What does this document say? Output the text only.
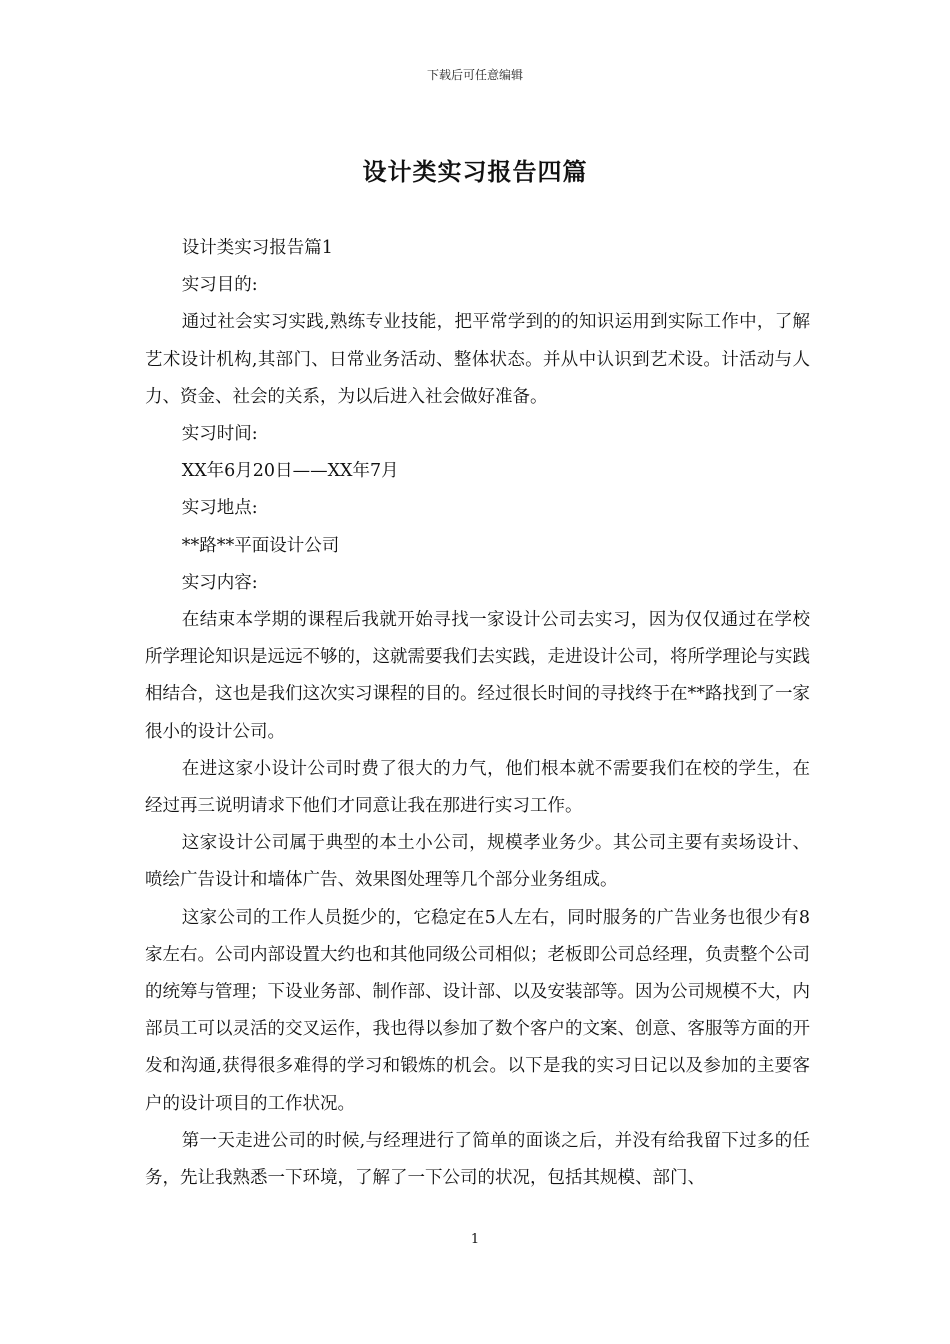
下载后可任意编辑
设计类实习报告四篇

设计类实习报告篇1

实习目的:

通过社会实习实践,熟练专业技能，把平常学到的的知识运用到实际工作中，了解艺术设计机构,其部门、日常业务活动、整体状态。并从中认识到艺术设。计活动与人力、资金、社会的关系，为以后进入社会做好准备。

实习时间:

XX年6月20日——XX年7月

实习地点:

**路**平面设计公司

实习内容:

在结束本学期的课程后我就开始寻找一家设计公司去实习，因为仅仅通过在学校所学理论知识是远远不够的，这就需要我们去实践，走进设计公司，将所学理论与实践相结合，这也是我们这次实习课程的目的。经过很长时间的寻找终于在**路找到了一家很小的设计公司。

在进这家小设计公司时费了很大的力气，他们根本就不需要我们在校的学生，在经过再三说明请求下他们才同意让我在那进行实习工作。

这家设计公司属于典型的本土小公司，规模孝业务少。其公司主要有卖场设计、喷绘广告设计和墙体广告、效果图处理等几个部分业务组成。

这家公司的工作人员挺少的，它稳定在5人左右，同时服务的广告业务也很少有8家左右。公司内部设置大约也和其他同级公司相似；老板即公司总经理，负责整个公司的统筹与管理；下设业务部、制作部、设计部、以及安装部等。因为公司规模不大，内部员工可以灵活的交叉运作，我也得以参加了数个客户的文案、创意、客服等方面的开发和沟通,获得很多难得的学习和锻炼的机会。以下是我的实习日记以及参加的主要客户的设计项目的工作状况。

第一天走进公司的时候,与经理进行了简单的面谈之后，并没有给我留下过多的任务，先让我熟悉一下环境，了解了一下公司的状况，包括其规模、部门、

1
